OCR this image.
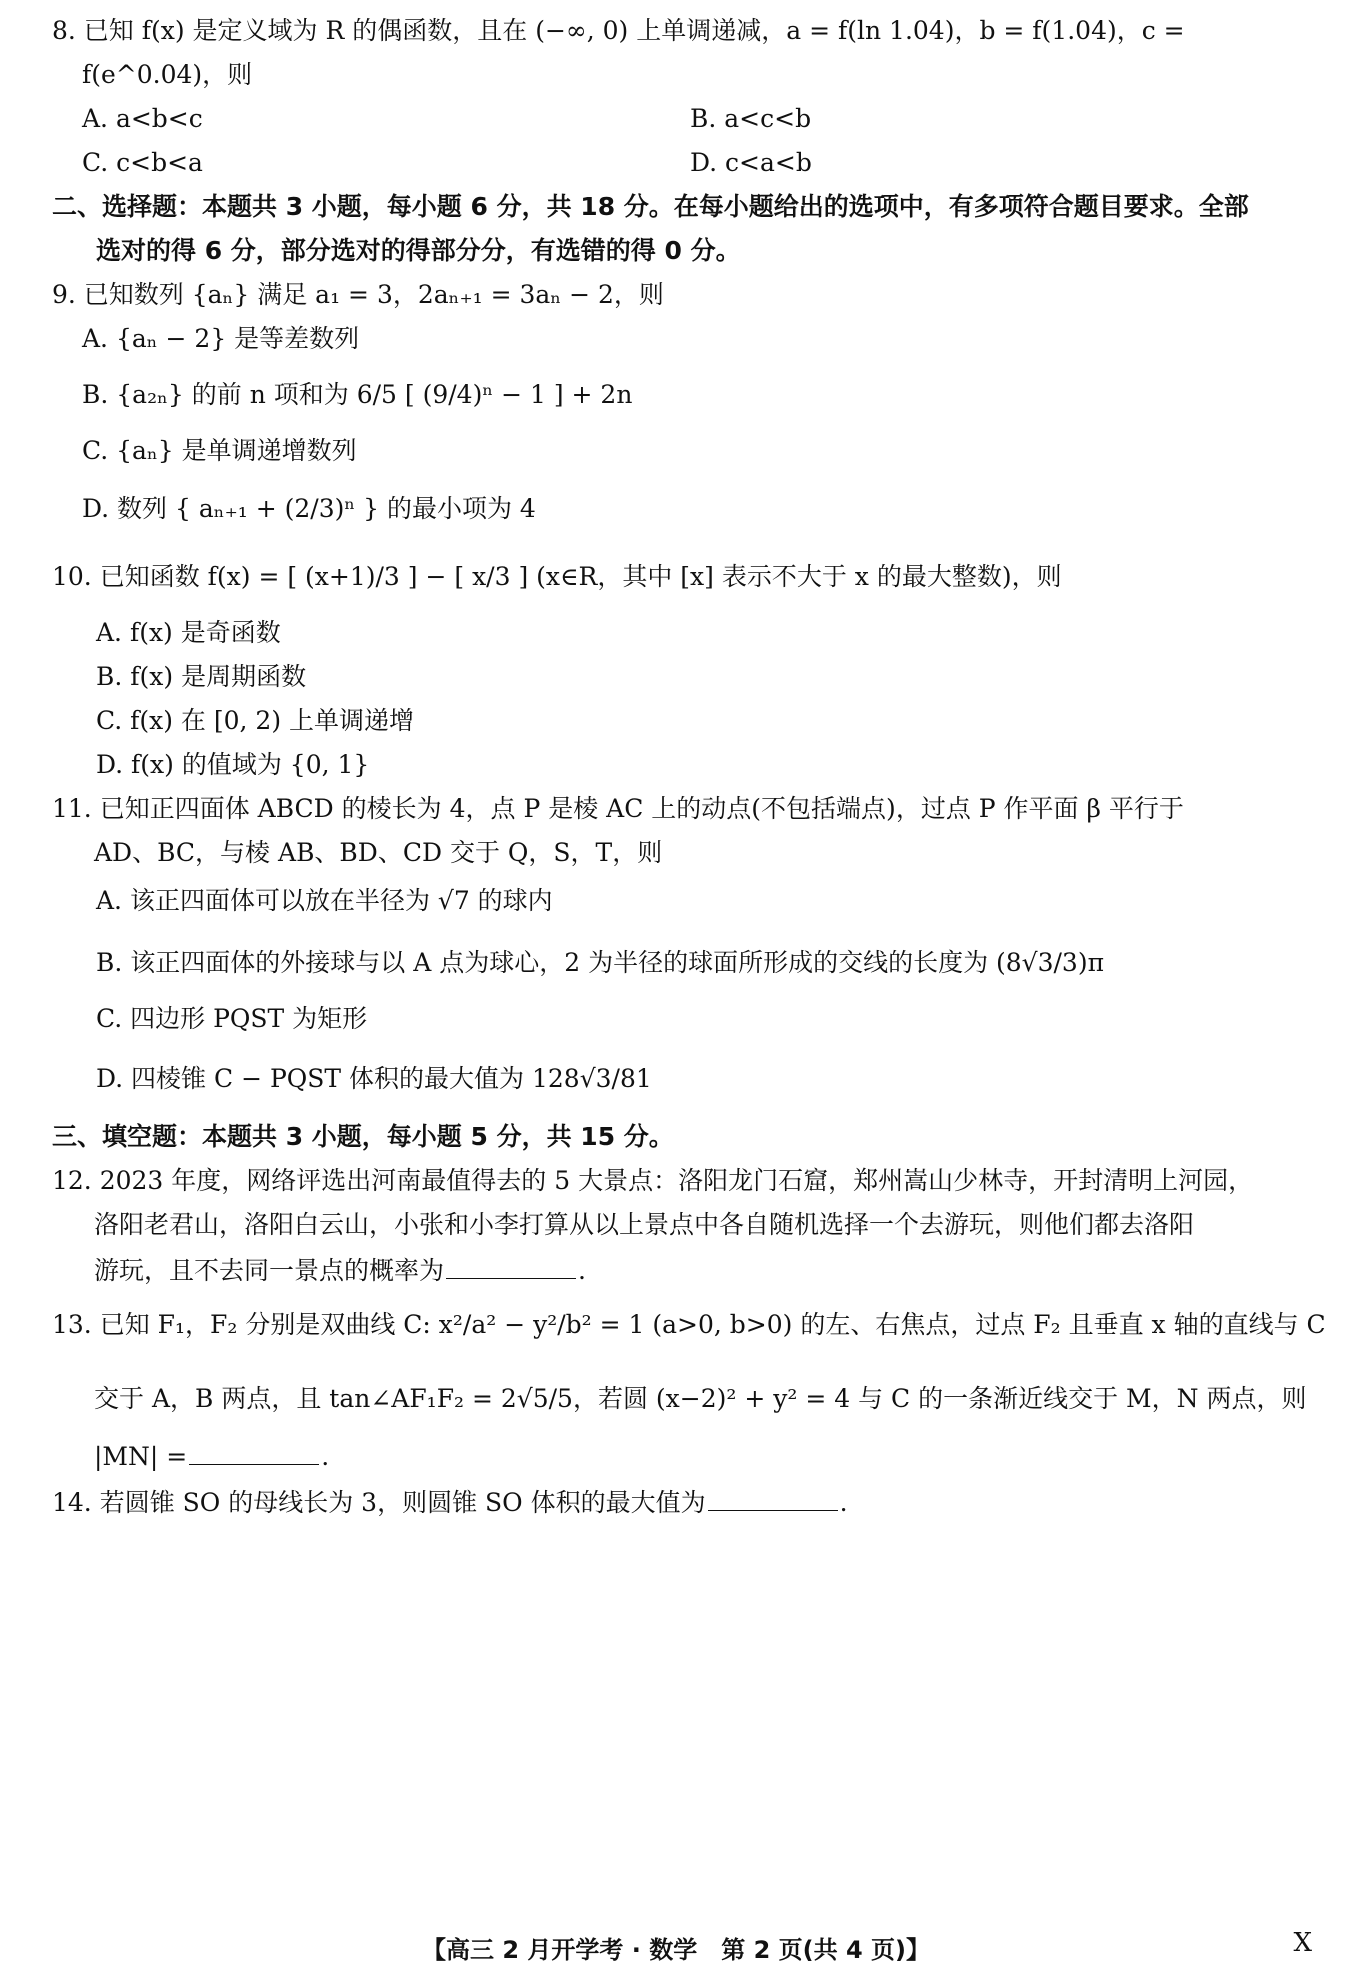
8. 已知 f(x) 是定义域为 R 的偶函数，且在 (−∞, 0) 上单调递减，a = f(ln 1.04)，b = f(1.04)，c =
f(e^0.04)，则
A. a<b<c	B. a<c<b
C. c<b<a	D. c<a<b
二、选择题：本题共 3 小题，每小题 6 分，共 18 分。在每小题给出的选项中，有多项符合题目要求。全部
选对的得 6 分，部分选对的得部分分，有选错的得 0 分。
9. 已知数列 {aₙ} 满足 a₁ = 3，2aₙ₊₁ = 3aₙ − 2，则
A. {aₙ − 2} 是等差数列
B. {a₂ₙ} 的前 n 项和为 6/5 [ (9/4)ⁿ − 1 ] + 2n
C. {aₙ} 是单调递增数列
D. 数列 { aₙ₊₁ + (2/3)ⁿ } 的最小项为 4
10. 已知函数 f(x) = [ (x+1)/3 ] − [ x/3 ] (x∈R，其中 [x] 表示不大于 x 的最大整数)，则
A. f(x) 是奇函数
B. f(x) 是周期函数
C. f(x) 在 [0, 2) 上单调递增
D. f(x) 的值域为 {0, 1}
11. 已知正四面体 ABCD 的棱长为 4，点 P 是棱 AC 上的动点(不包括端点)，过点 P 作平面 β 平行于
AD、BC，与棱 AB、BD、CD 交于 Q，S，T，则
A. 该正四面体可以放在半径为 √7 的球内
B. 该正四面体的外接球与以 A 点为球心，2 为半径的球面所形成的交线的长度为 (8√3/3)π
C. 四边形 PQST 为矩形
D. 四棱锥 C − PQST 体积的最大值为 128√3/81
三、填空题：本题共 3 小题，每小题 5 分，共 15 分。
12. 2023 年度，网络评选出河南最值得去的 5 大景点：洛阳龙门石窟，郑州嵩山少林寺，开封清明上河园，
洛阳老君山，洛阳白云山，小张和小李打算从以上景点中各自随机选择一个去游玩，则他们都去洛阳
游玩，且不去同一景点的概率为	.
13. 已知 F₁，F₂ 分别是双曲线 C: x²/a² − y²/b² = 1 (a>0, b>0) 的左、右焦点，过点 F₂ 且垂直 x 轴的直线与 C
交于 A，B 两点，且 tan∠AF₁F₂ = 2√5/5，若圆 (x−2)² + y² = 4 与 C 的一条渐近线交于 M，N 两点，则
|MN| =	.
14. 若圆锥 SO 的母线长为 3，则圆锥 SO 体积的最大值为	.
【高三 2 月开学考 · 数学　第 2 页(共 4 页)】	X
